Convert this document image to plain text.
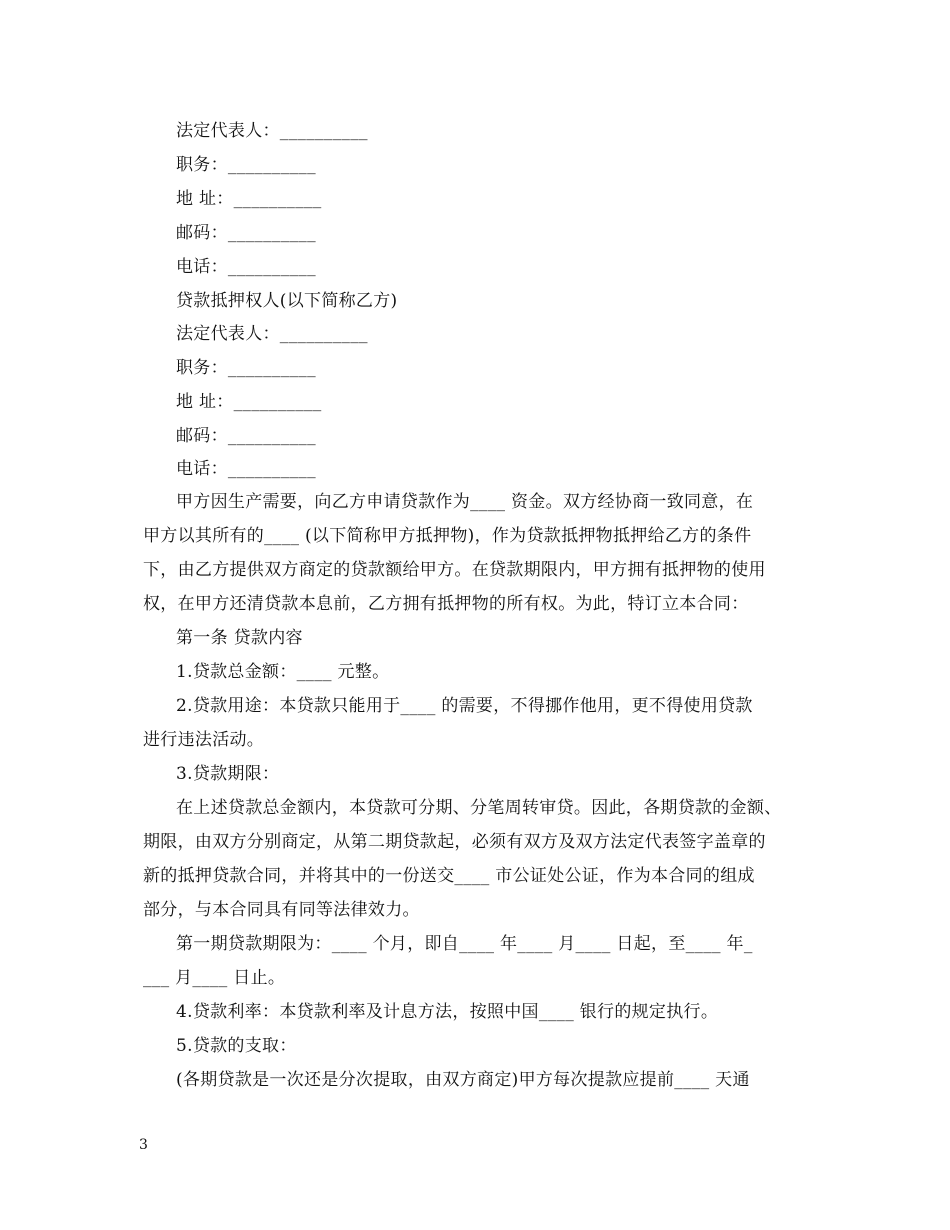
法定代表人：__________
职务：__________
地 址：__________
邮码：__________
电话：__________
贷款抵押权人(以下简称乙方)
法定代表人：__________
职务：__________
地 址：__________
邮码：__________
电话：__________
甲方因生产需要，向乙方申请贷款作为____ 资金。双方经协商一致同意，在
甲方以其所有的____ (以下简称甲方抵押物)，作为贷款抵押物抵押给乙方的条件
下，由乙方提供双方商定的贷款额给甲方。在贷款期限内，甲方拥有抵押物的使用
权，在甲方还清贷款本息前，乙方拥有抵押物的所有权。为此，特订立本合同：
第一条 贷款内容
1.贷款总金额：____ 元整。
2.贷款用途：本贷款只能用于____ 的需要，不得挪作他用，更不得使用贷款
进行违法活动。
3.贷款期限：
在上述贷款总金额内，本贷款可分期、分笔周转审贷。因此，各期贷款的金额、
期限，由双方分别商定，从第二期贷款起，必须有双方及双方法定代表签字盖章的
新的抵押贷款合同，并将其中的一份送交____ 市公证处公证，作为本合同的组成
部分，与本合同具有同等法律效力。
第一期贷款期限为：____ 个月，即自____ 年____ 月____ 日起，至____ 年_
___ 月____ 日止。
4.贷款利率：本贷款利率及计息方法，按照中国____ 银行的规定执行。
5.贷款的支取：
(各期贷款是一次还是分次提取，由双方商定)甲方每次提款应提前____ 天通
3
